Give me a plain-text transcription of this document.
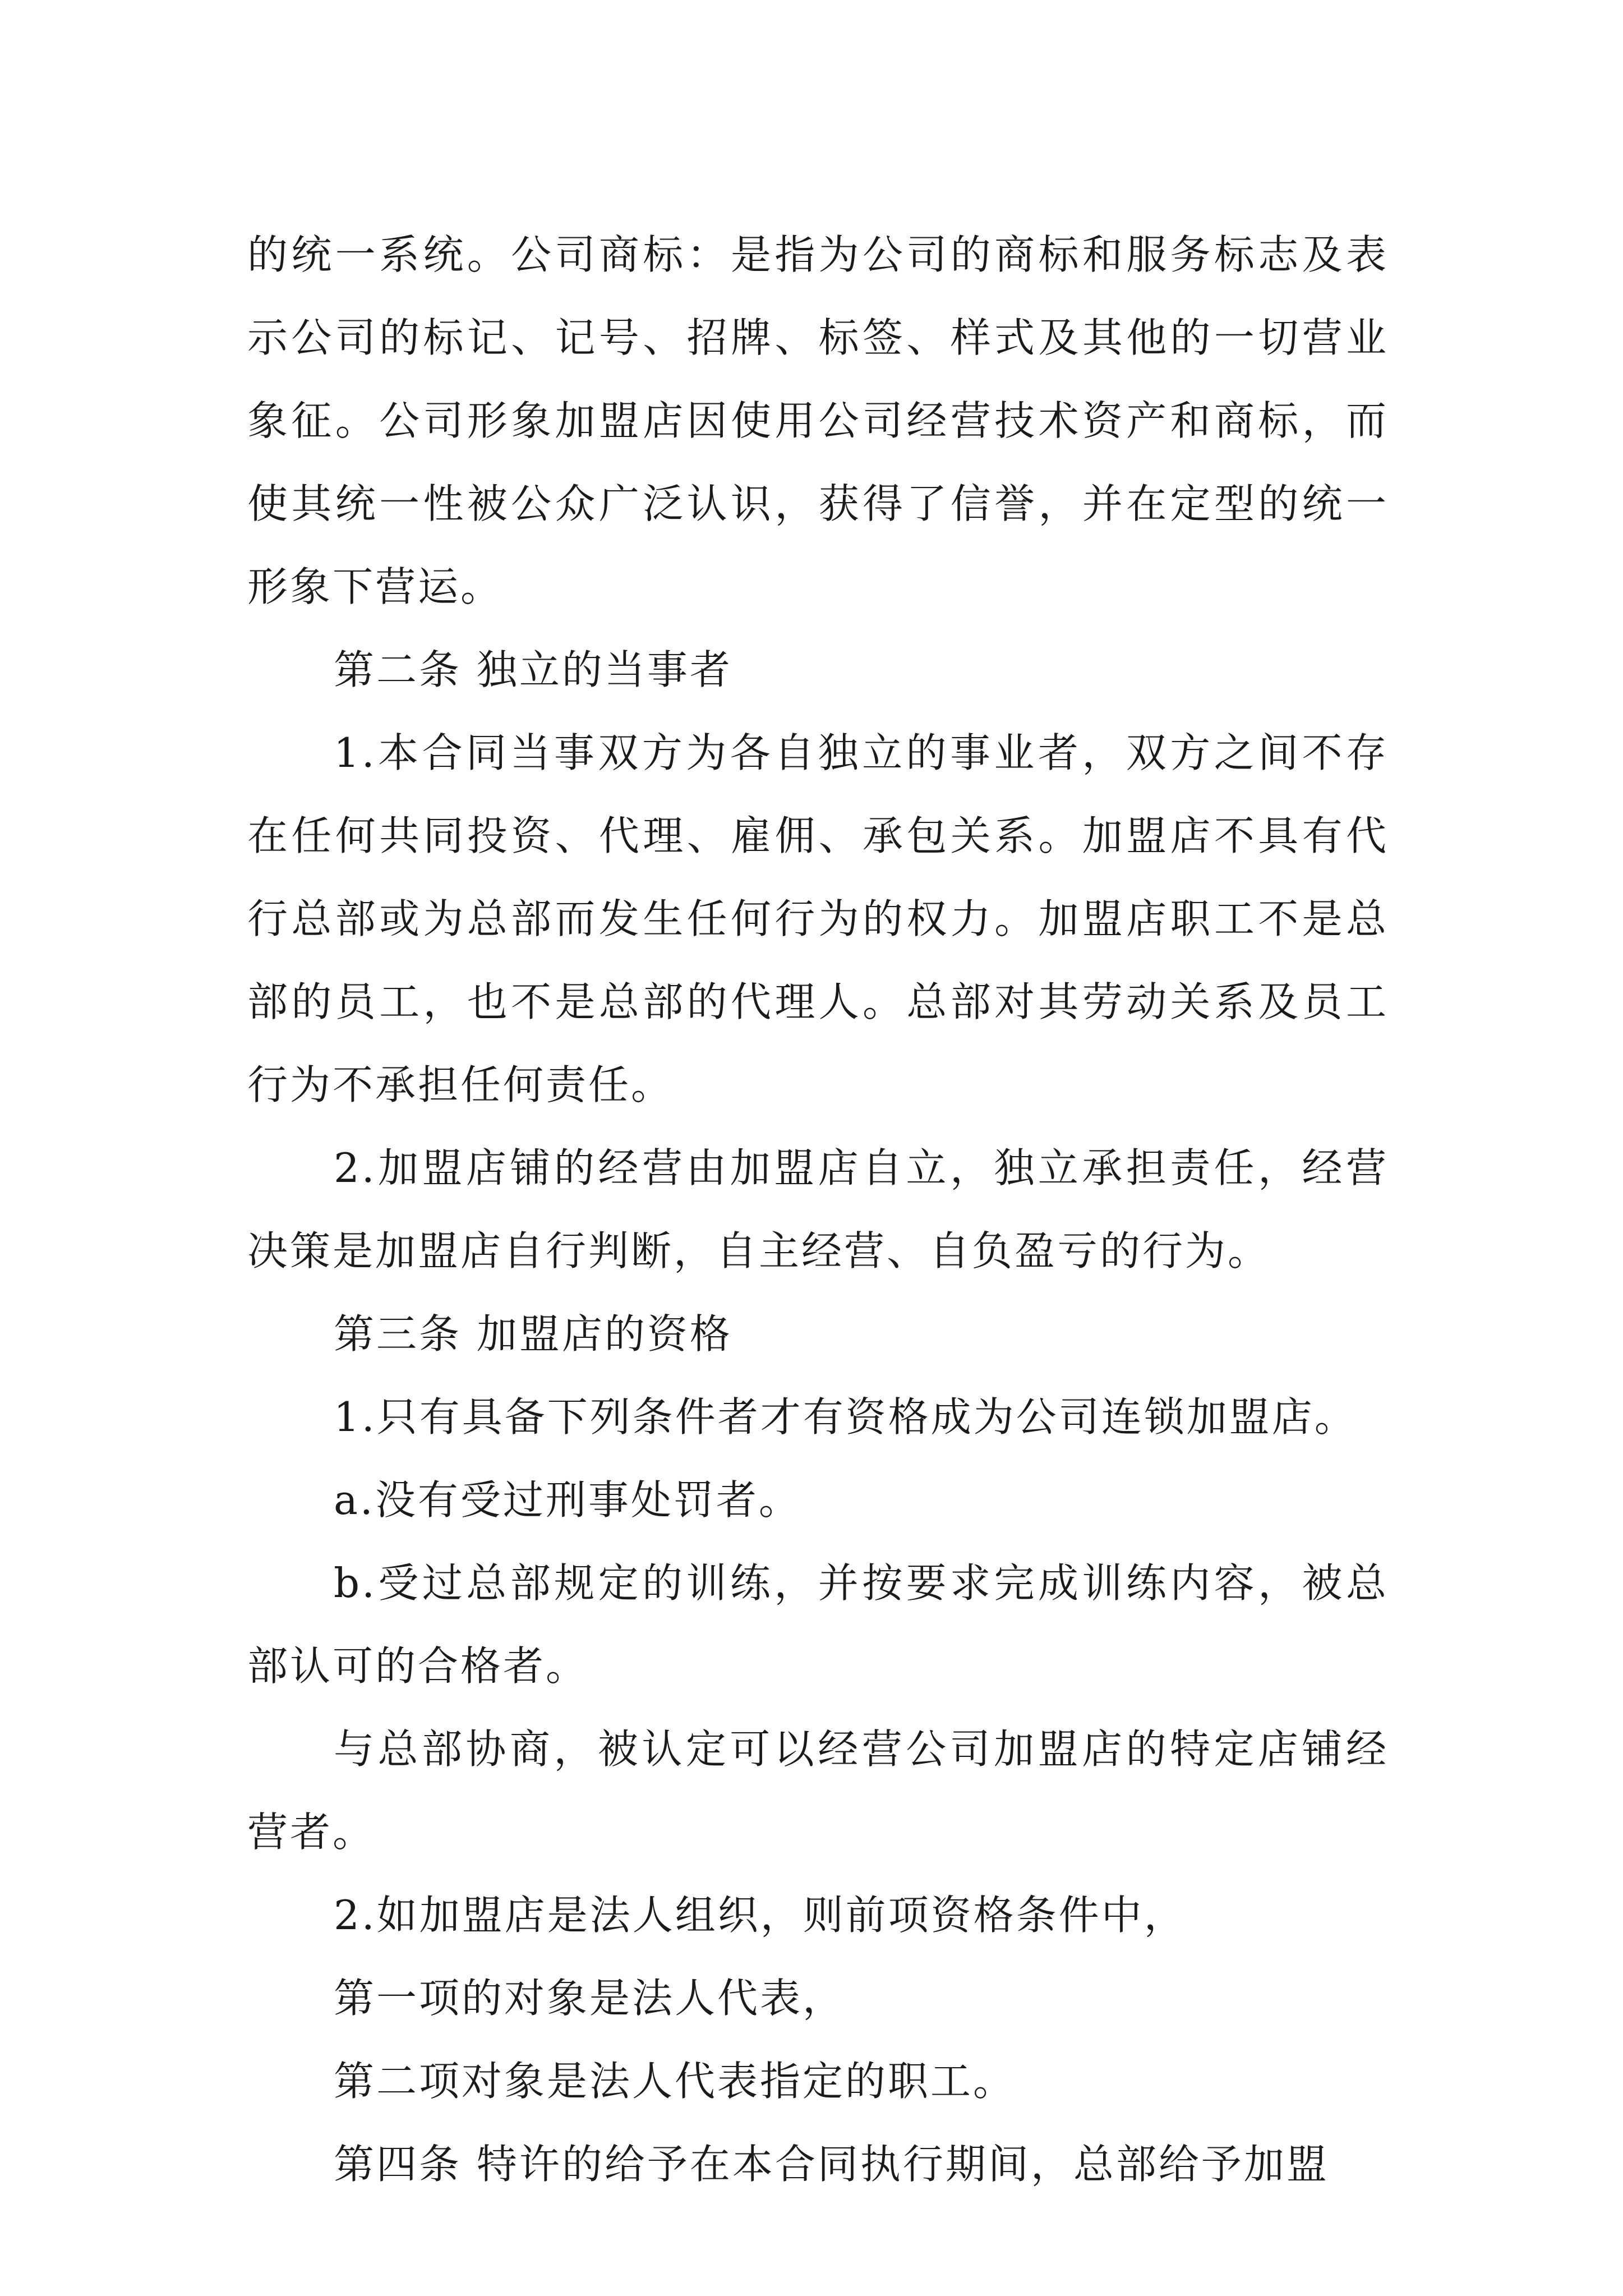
的统一系统。公司商标：是指为公司的商标和服务标志及表示公司的标记、记号、招牌、标签、样式及其他的一切营业象征。公司形象加盟店因使用公司经营技术资产和商标，而使其统一性被公众广泛认识，获得了信誉，并在定型的统一形象下营运。

第二条 独立的当事者

1.本合同当事双方为各自独立的事业者，双方之间不存在任何共同投资、代理、雇佣、承包关系。加盟店不具有代行总部或为总部而发生任何行为的权力。加盟店职工不是总部的员工，也不是总部的代理人。总部对其劳动关系及员工行为不承担任何责任。

2.加盟店铺的经营由加盟店自立，独立承担责任，经营决策是加盟店自行判断，自主经营、自负盈亏的行为。

第三条 加盟店的资格

1.只有具备下列条件者才有资格成为公司连锁加盟店。

a.没有受过刑事处罚者。

b.受过总部规定的训练，并按要求完成训练内容，被总部认可的合格者。

与总部协商，被认定可以经营公司加盟店的特定店铺经营者。

2.如加盟店是法人组织，则前项资格条件中，

第一项的对象是法人代表，

第二项对象是法人代表指定的职工。

第四条 特许的给予在本合同执行期间，总部给予加盟
